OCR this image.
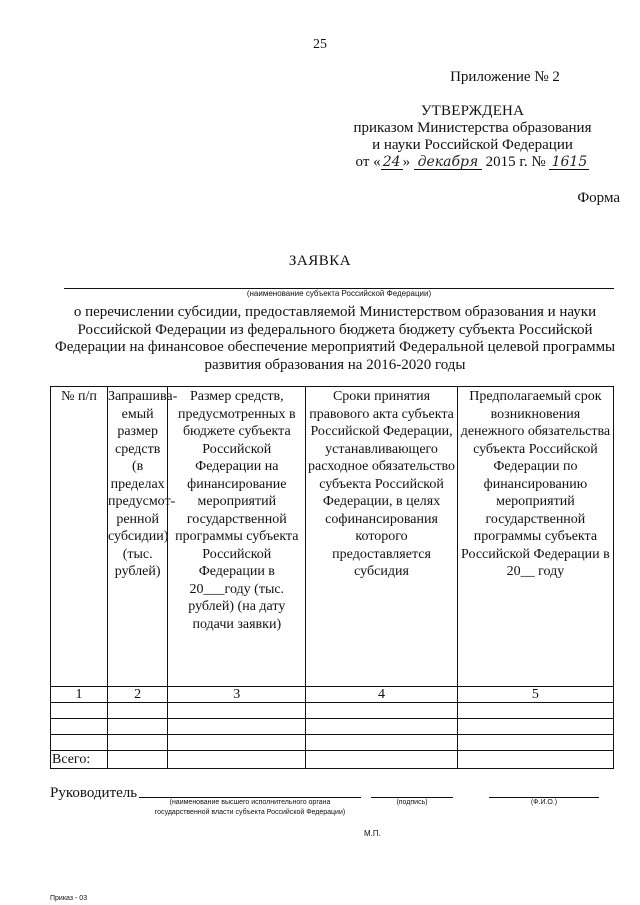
25
Приложение № 2
УТВЕРЖДЕНА
приказом Министерства образования
и науки Российской Федерации
от « 24 » декабря 2015 г. № 1615
Форма
ЗАЯВКА
(наименование субъекта Российской Федерации)
о перечислении субсидии, предоставляемой Министерством образования и науки Российской Федерации из федерального бюджета бюджету субъекта Российской Федерации на финансовое обеспечение мероприятий Федеральной целевой программы развития образования на 2016-2020 годы
№ п/п	Запрашива-емый размер средств (в пределах предусмот-ренной субсидии) (тыс. рублей)	Размер средств, предусмотренных в бюджете субъекта Российской Федерации на финансирование мероприятий государственной программы субъекта Российской Федерации в 20___году (тыс. рублей) (на дату подачи заявки)	Сроки принятия правового акта субъекта Российской Федерации, устанавливающего расходное обязательство субъекта Российской Федерации, в целях софинансирования которого предоставляется субсидия	Предполагаемый срок возникновения денежного обязательства субъекта Российской Федерации по финансированию мероприятий государственной программы субъекта Российской Федерации в 20__ году
1	2	3	4	5

Всего:				
Руководитель
(наименование высшего исполнительного органа
государственной власти субъекта Российской Федерации)
(подпись)	(Ф.И.О.)
М.П.
Приказ - 03
